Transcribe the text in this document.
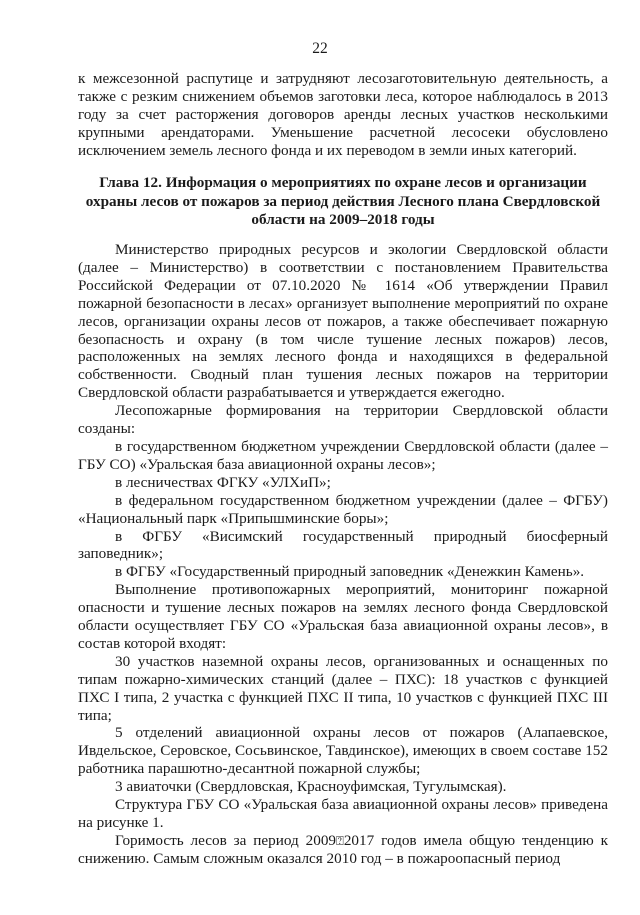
22

к межсезонной распутице и затрудняют лесозаготовительную деятельность, а также с резким снижением объемов заготовки леса, которое наблюдалось в 2013 году за счет расторжения договоров аренды лесных участков несколькими крупными арендаторами. Уменьшение расчетной лесосеки обусловлено исключением земель лесного фонда и их переводом в земли иных категорий.

Глава 12. Информация о мероприятиях по охране лесов и организации охраны лесов от пожаров за период действия Лесного плана Свердловской области на 2009–2018 годы

Министерство природных ресурсов и экологии Свердловской области (далее – Министерство) в соответствии с постановлением Правительства Российской Федерации от 07.10.2020 № 1614 «Об утверждении Правил пожарной безопасности в лесах» организует выполнение мероприятий по охране лесов, организации охраны лесов от пожаров, а также обеспечивает пожарную безопасность и охрану (в том числе тушение лесных пожаров) лесов, расположенных на землях лесного фонда и находящихся в федеральной собственности. Сводный план тушения лесных пожаров на территории Свердловской области разрабатывается и утверждается ежегодно.

Лесопожарные формирования на территории Свердловской области созданы:

в государственном бюджетном учреждении Свердловской области (далее – ГБУ СО) «Уральская база авиационной охраны лесов»;

в лесничествах ФГКУ «УЛХиП»;

в федеральном государственном бюджетном учреждении (далее – ФГБУ) «Национальный парк «Припышминские боры»;

в ФГБУ «Висимский государственный природный биосферный заповедник»;

в ФГБУ «Государственный природный заповедник «Денежкин Камень».

Выполнение противопожарных мероприятий, мониторинг пожарной опасности и тушение лесных пожаров на землях лесного фонда Свердловской области осуществляет ГБУ СО «Уральская база авиационной охраны лесов», в состав которой входят:

30 участков наземной охраны лесов, организованных и оснащенных по типам пожарно-химических станций (далее – ПХС): 18 участков с функцией ПХС I типа, 2 участка с функцией ПХС II типа, 10 участков с функцией ПХС III типа;

5 отделений авиационной охраны лесов от пожаров (Алапаевское, Ивдельское, Серовское, Сосьвинское, Тавдинское), имеющих в своем составе 152 работника парашютно-десантной пожарной службы;

3 авиаточки (Свердловская, Красноуфимская, Тугулымская).

Структура ГБУ СО «Уральская база авиационной охраны лесов» приведена на рисунке 1.

Горимость лесов за период 2009⍰2017 годов имела общую тенденцию к снижению. Самым сложным оказался 2010 год – в пожароопасный период
